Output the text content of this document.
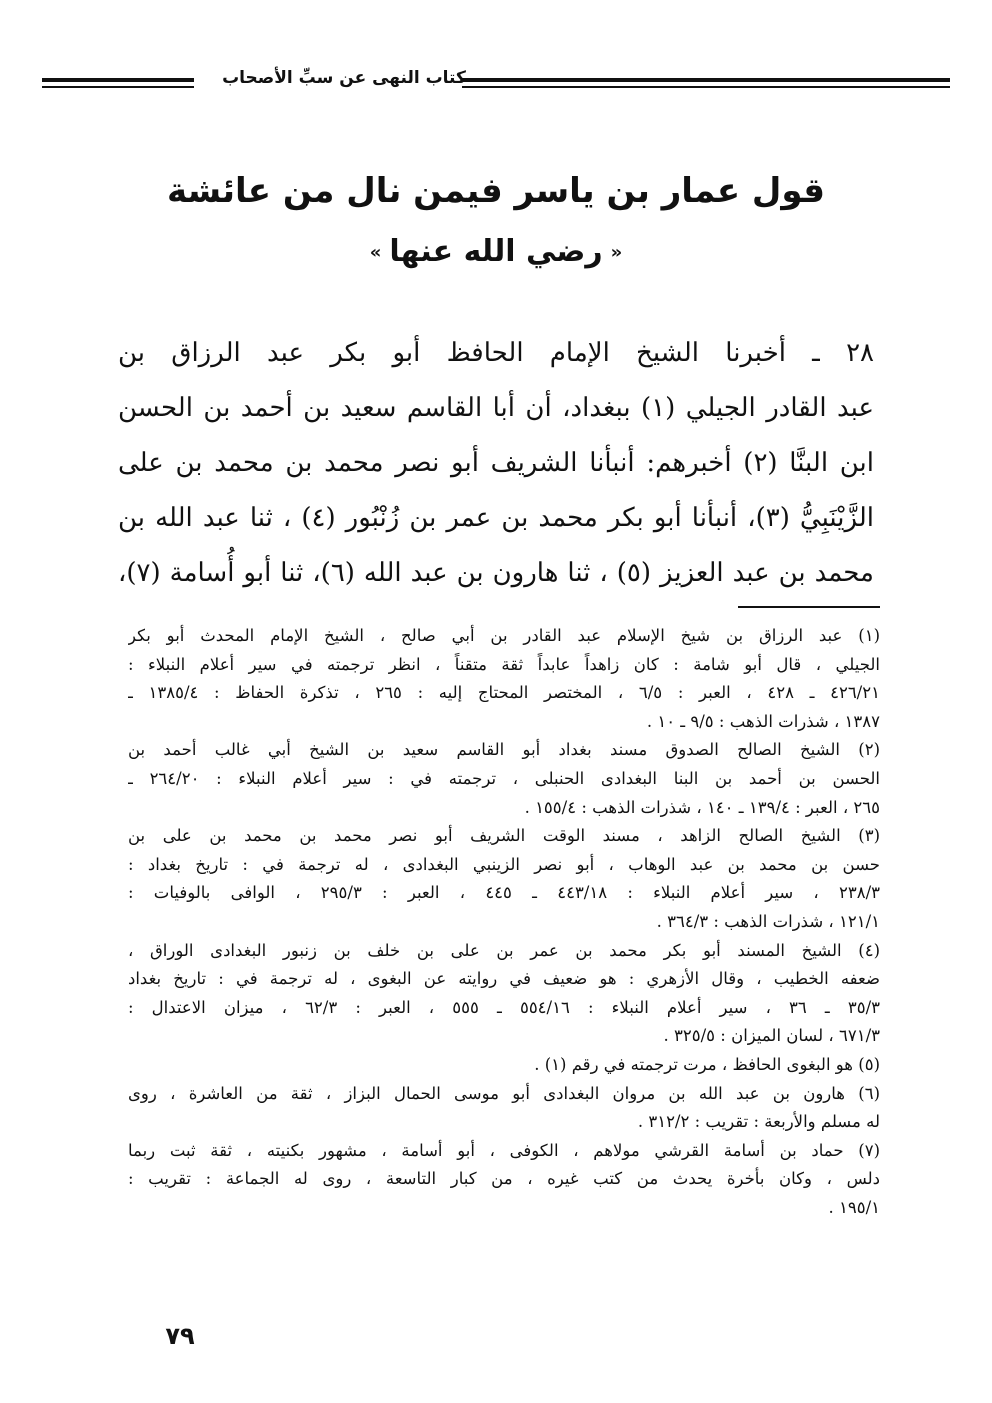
كتاب النهى عن سبِّ الأصحاب
قول عمار بن ياسر فيمن نال من عائشة
«رضي الله عنها»
٢٨ ـ أخبرنا الشيخ الإمام الحافظ أبو بكر عبد الرزاق بن
عبد القادر الجيلي (١) ببغداد، أن أبا القاسم سعيد بن أحمد بن الحسن
ابن البنَّا (٢) أخبرهم: أنبأنا الشريف أبو نصر محمد بن محمد بن على
الزَّيْنَبِيُّ (٣)، أنبأنا أبو بكر محمد بن عمر بن زُنْبُور (٤) ، ثنا عبد الله بن
محمد بن عبد العزيز (٥) ، ثنا هارون بن عبد الله (٦)، ثنا أبو أُسامة (٧)،
(١) عبد الرزاق بن شيخ الإسلام عبد القادر بن أبي صالح ، الشيخ الإمام المحدث أبو بكر
الجيلي ، قال أبو شامة : كان زاهداً عابداً ثقة متقناً ، انظر ترجمته في سير أعلام النبلاء :
٤٢٦/٢١ ـ ٤٢٨ ، العبر : ٦/٥ ، المختصر المحتاج إليه : ٢٦٥ ، تذكرة الحفاظ : ١٣٨٥/٤ ـ
١٣٨٧ ، شذرات الذهب : ٩/٥ ـ ١٠ .
(٢) الشيخ الصالح الصدوق مسند بغداد أبو القاسم سعيد بن الشيخ أبي غالب أحمد بن
الحسن بن أحمد بن البنا البغدادى الحنبلى ، ترجمته في : سير أعلام النبلاء : ٢٦٤/٢٠ ـ
٢٦٥ ، العبر : ١٣٩/٤ ـ ١٤٠ ، شذرات الذهب : ١٥٥/٤ .
(٣) الشيخ الصالح الزاهد ، مسند الوقت الشريف أبو نصر محمد بن محمد بن على بن
حسن بن محمد بن عبد الوهاب ، أبو نصر الزينبي البغدادى ، له ترجمة في : تاريخ بغداد :
٢٣٨/٣ ، سير أعلام النبلاء : ٤٤٣/١٨ ـ ٤٤٥ ، العبر : ٢٩٥/٣ ، الوافى بالوفيات :
١٢١/١ ، شذرات الذهب : ٣٦٤/٣ .
(٤) الشيخ المسند أبو بكر محمد بن عمر بن على بن خلف بن زنبور البغدادى الوراق ،
ضعفه الخطيب ، وقال الأزهري : هو ضعيف في روايته عن البغوى ، له ترجمة في : تاريخ بغداد
٣٥/٣ ـ ٣٦ ، سير أعلام النبلاء : ٥٥٤/١٦ ـ ٥٥٥ ، العبر : ٦٢/٣ ، ميزان الاعتدال :
٦٧١/٣ ، لسان الميزان : ٣٢٥/٥ .
(٥) هو البغوى الحافظ ، مرت ترجمته في رقم (١) .
(٦) هارون بن عبد الله بن مروان البغدادى أبو موسى الحمال البزاز ، ثقة من العاشرة ، روى
له مسلم والأربعة : تقريب : ٣١٢/٢ .
(٧) حماد بن أسامة القرشي مولاهم ، الكوفى ، أبو أسامة ، مشهور بكنيته ، ثقة ثبت ربما
دلس ، وكان بأخرة يحدث من كتب غيره ، من كبار التاسعة ، روى له الجماعة : تقريب :
١٩٥/١ .
٧٩
